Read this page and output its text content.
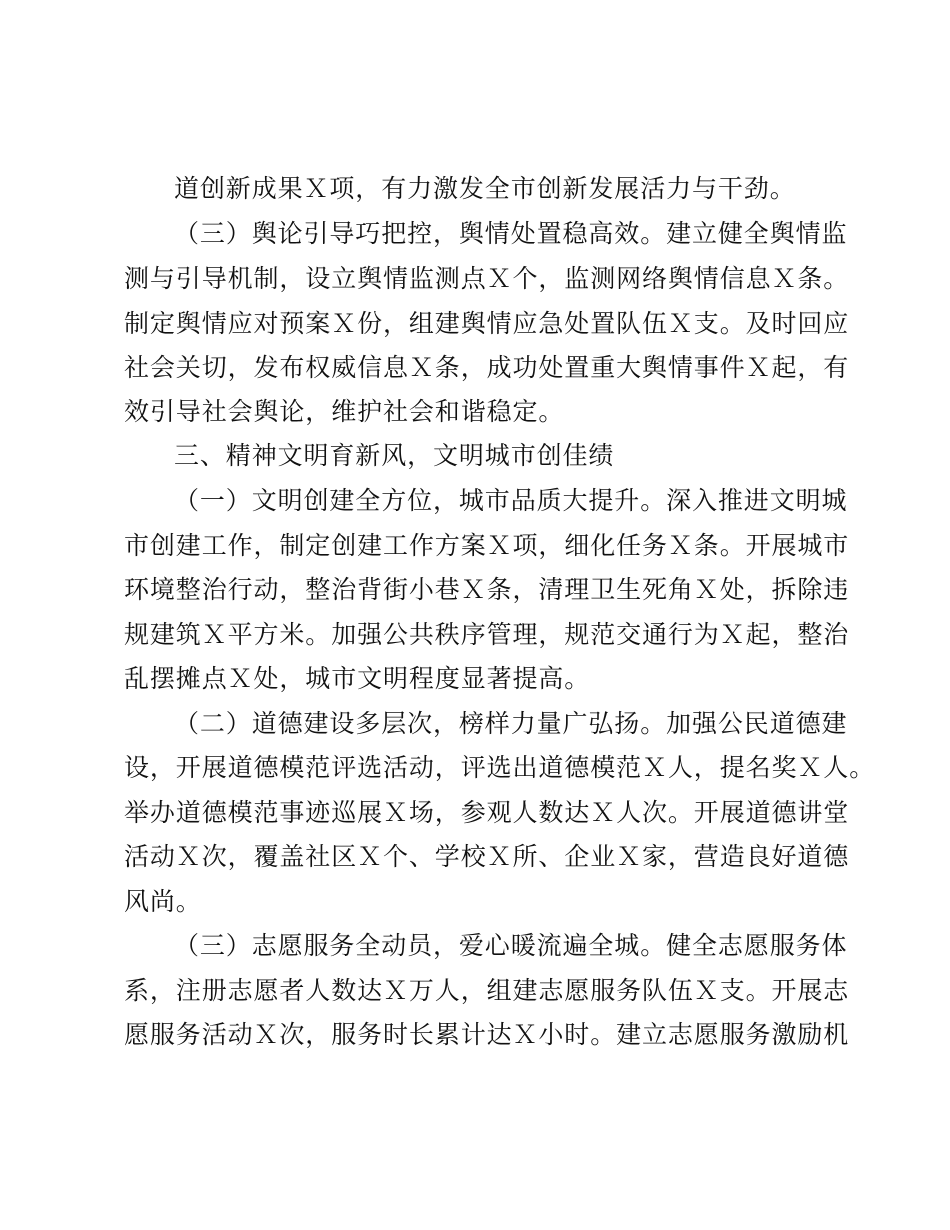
道创新成果Ｘ项，有力激发全市创新发展活力与干劲。
（三）舆论引导巧把控，舆情处置稳高效。建立健全舆情监
测与引导机制，设立舆情监测点Ｘ个，监测网络舆情信息Ｘ条。
制定舆情应对预案Ｘ份，组建舆情应急处置队伍Ｘ支。及时回应
社会关切，发布权威信息Ｘ条，成功处置重大舆情事件Ｘ起，有
效引导社会舆论，维护社会和谐稳定。
三、精神文明育新风，文明城市创佳绩
（一）文明创建全方位，城市品质大提升。深入推进文明城
市创建工作，制定创建工作方案Ｘ项，细化任务Ｘ条。开展城市
环境整治行动，整治背街小巷Ｘ条，清理卫生死角Ｘ处，拆除违
规建筑Ｘ平方米。加强公共秩序管理，规范交通行为Ｘ起，整治
乱摆摊点Ｘ处，城市文明程度显著提高。
（二）道德建设多层次，榜样力量广弘扬。加强公民道德建
设，开展道德模范评选活动，评选出道德模范Ｘ人，提名奖Ｘ人。
举办道德模范事迹巡展Ｘ场，参观人数达Ｘ人次。开展道德讲堂
活动Ｘ次，覆盖社区Ｘ个、学校Ｘ所、企业Ｘ家，营造良好道德
风尚。
（三）志愿服务全动员，爱心暖流遍全城。健全志愿服务体
系，注册志愿者人数达Ｘ万人，组建志愿服务队伍Ｘ支。开展志
愿服务活动Ｘ次，服务时长累计达Ｘ小时。建立志愿服务激励机
